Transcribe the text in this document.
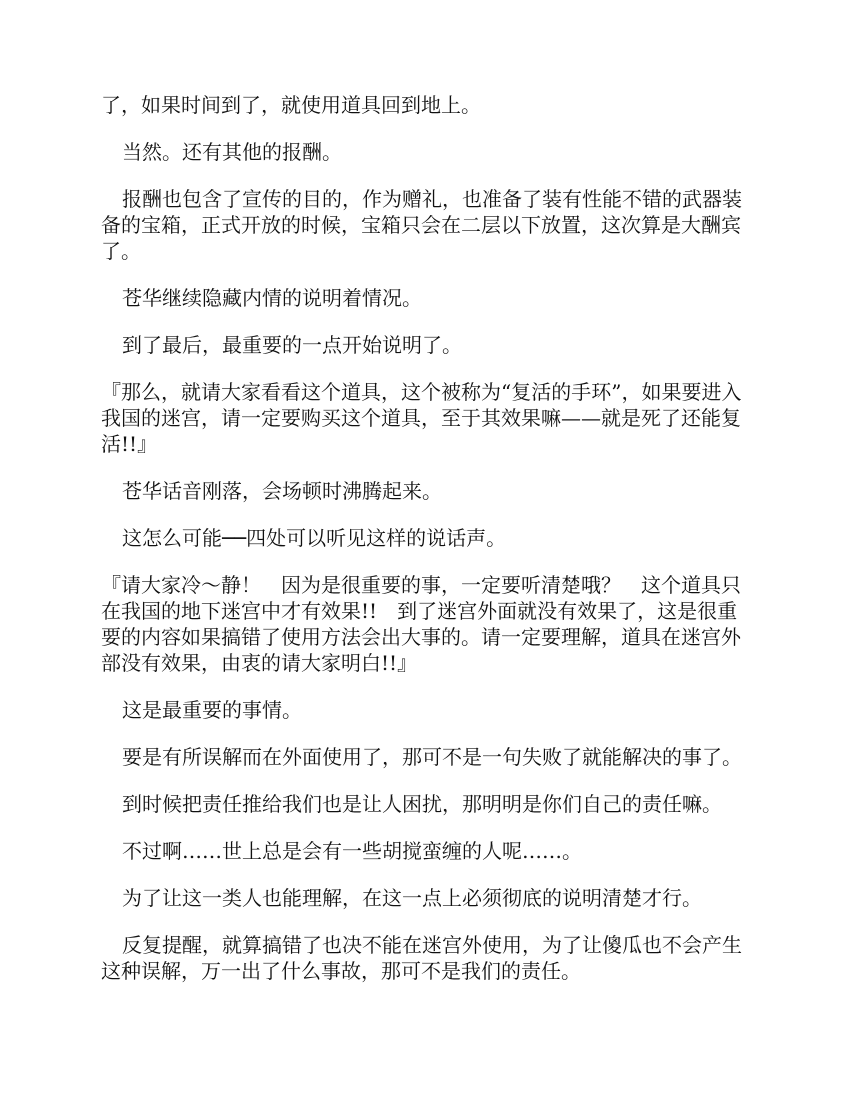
了，如果时间到了，就使用道具回到地上。

当然。还有其他的报酬。

报酬也包含了宣传的目的，作为赠礼，也准备了装有性能不错的武器装备的宝箱，正式开放的时候，宝箱只会在二层以下放置，这次算是大酬宾了。

苍华继续隐藏内情的说明着情况。

到了最后，最重要的一点开始说明了。

『那么，就请大家看看这个道具，这个被称为“复活的手环”，如果要进入我国的迷宫，请一定要购买这个道具，至于其效果嘛——就是死了还能复活!!』

苍华话音刚落，会场顿时沸腾起来。

这怎么可能──四处可以听见这样的说话声。

『请大家冷～静！　因为是很重要的事，一定要听清楚哦？　这个道具只在我国的地下迷宫中才有效果!!　到了迷宫外面就没有效果了，这是很重要的内容如果搞错了使用方法会出大事的。请一定要理解，道具在迷宫外部没有效果，由衷的请大家明白!!』

这是最重要的事情。

要是有所误解而在外面使用了，那可不是一句失败了就能解决的事了。

到时候把责任推给我们也是让人困扰，那明明是你们自己的责任嘛。

不过啊……世上总是会有一些胡搅蛮缠的人呢……。

为了让这一类人也能理解，在这一点上必须彻底的说明清楚才行。

反复提醒，就算搞错了也决不能在迷宫外使用，为了让傻瓜也不会产生这种误解，万一出了什么事故，那可不是我们的责任。
